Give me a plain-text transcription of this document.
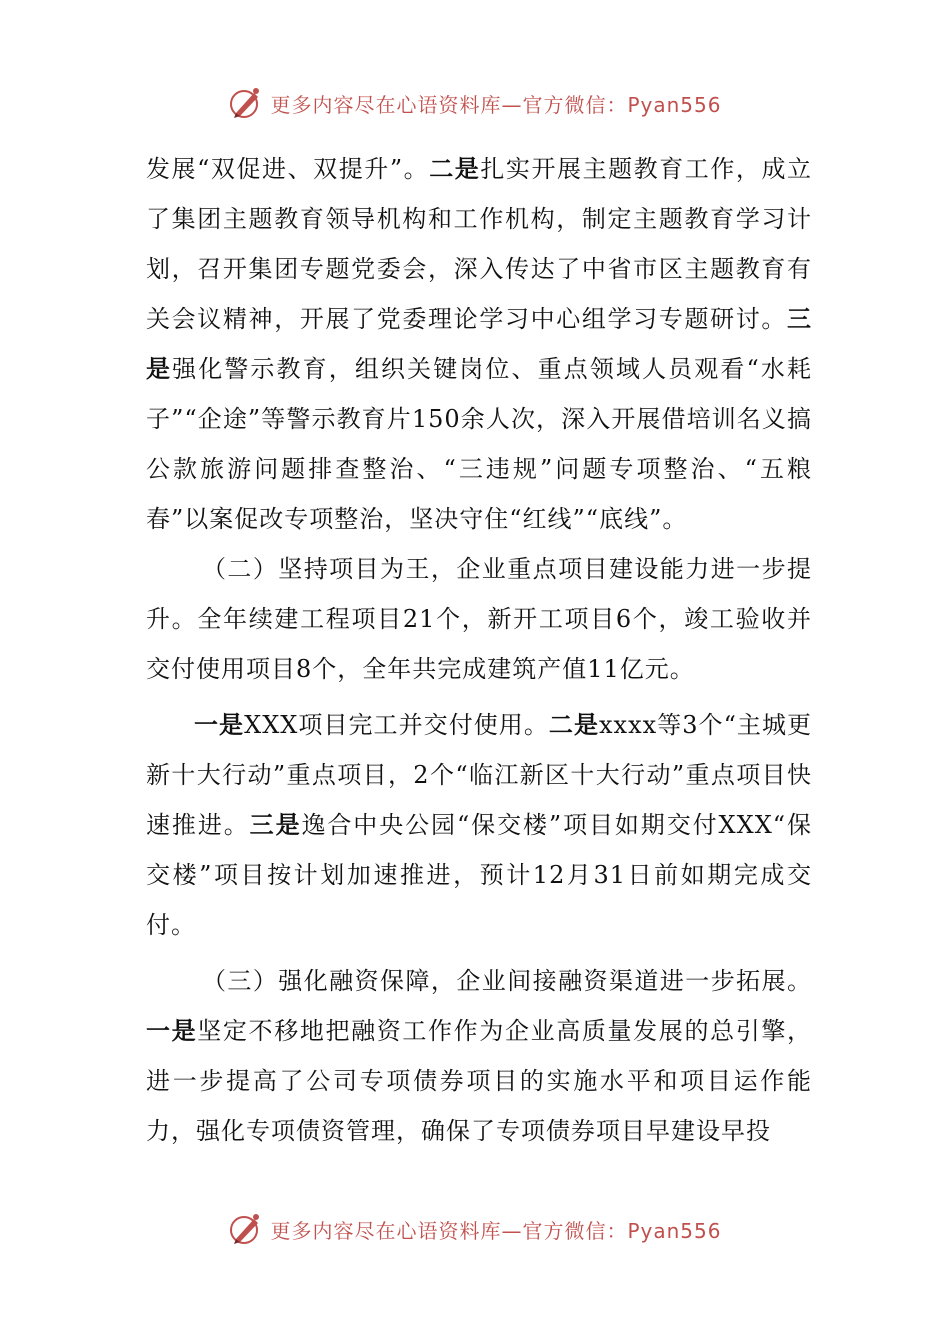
更多内容尽在心语资料库—官方微信：Pyan556

发展“双促进、双提升”。二是扎实开展主题教育工作，成立了集团主题教育领导机构和工作机构，制定主题教育学习计划，召开集团专题党委会，深入传达了中省市区主题教育有关会议精神，开展了党委理论学习中心组学习专题研讨。三是强化警示教育，组织关键岗位、重点领域人员观看“水耗子”“企途”等警示教育片150余人次，深入开展借培训名义搞公款旅游问题排查整治、“三违规”问题专项整治、“五粮春”以案促改专项整治，坚决守住“红线”“底线”。

（二）坚持项目为王，企业重点项目建设能力进一步提升。全年续建工程项目21个，新开工项目6个，竣工验收并交付使用项目8个，全年共完成建筑产值11亿元。

一是XXX项目完工并交付使用。二是xxxx等3个“主城更新十大行动”重点项目，2个“临江新区十大行动”重点项目快速推进。三是逸合中央公园“保交楼”项目如期交付XXX“保交楼”项目按计划加速推进，预计12月31日前如期完成交付。

（三）强化融资保障，企业间接融资渠道进一步拓展。一是坚定不移地把融资工作作为企业高质量发展的总引擎，进一步提高了公司专项债券项目的实施水平和项目运作能力，强化专项债资管理，确保了专项债券项目早建设早投

更多内容尽在心语资料库—官方微信：Pyan556
